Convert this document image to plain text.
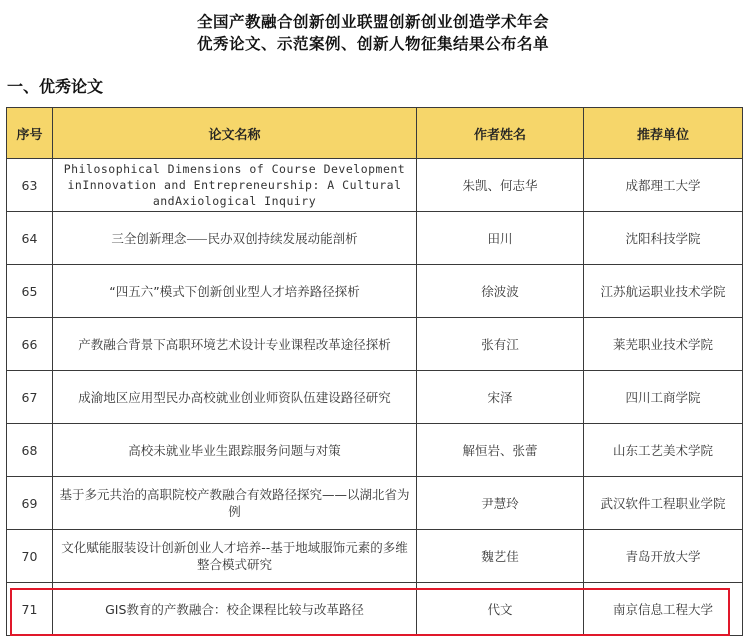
全国产教融合创新创业联盟创新创业创造学术年会
优秀论文、示范案例、创新人物征集结果公布名单
一、优秀论文
序号	论文名称	作者姓名	推荐单位
63	Philosophical Dimensions of Course Development inInnovation and Entrepreneurship: A Cultural andAxiological Inquiry	朱凯、何志华	成都理工大学
64	三全创新理念⸺民办双创持续发展动能剖析	田川	沈阳科技学院
65	“四五六”模式下创新创业型人才培养路径探析	徐波波	江苏航运职业技术学院
66	产教融合背景下高职环境艺术设计专业课程改革途径探析	张有江	莱芜职业技术学院
67	成渝地区应用型民办高校就业创业师资队伍建设路径研究	宋泽	四川工商学院
68	高校未就业毕业生跟踪服务问题与对策	解恒岩、张蕾	山东工艺美术学院
69	基于多元共治的高职院校产教融合有效路径探究——以湖北省为例	尹慧玲	武汉软件工程职业学院
70	文化赋能服装设计创新创业人才培养--基于地域服饰元素的多维整合模式研究	魏艺佳	青岛开放大学
71	GIS教育的产教融合：校企课程比较与改革路径	代文	南京信息工程大学
